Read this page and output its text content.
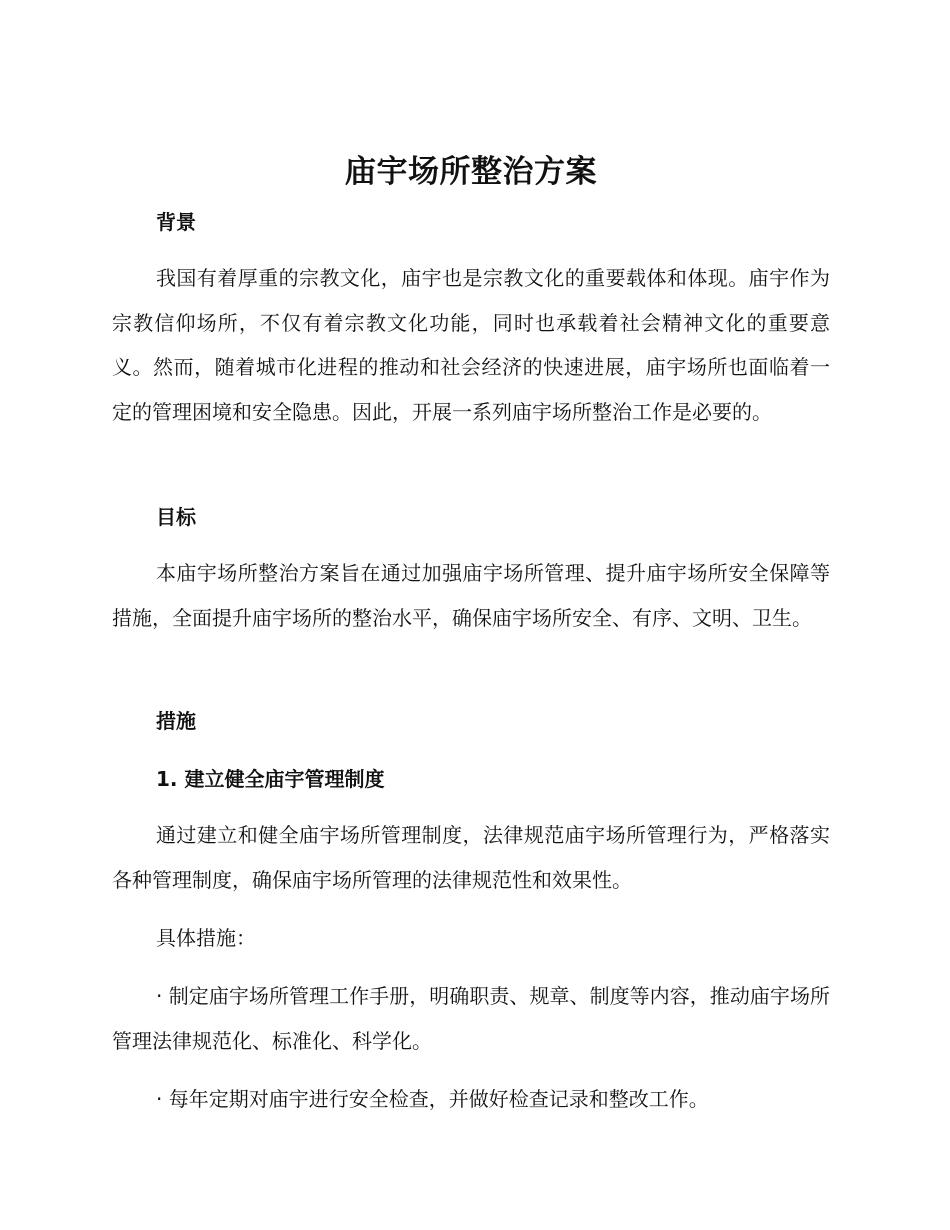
庙宇场所整治方案
背景

我国有着厚重的宗教文化，庙宇也是宗教文化的重要载体和体现。庙宇作为宗教信仰场所，不仅有着宗教文化功能，同时也承载着社会精神文化的重要意义。然而，随着城市化进程的推动和社会经济的快速进展，庙宇场所也面临着一定的管理困境和安全隐患。因此，开展一系列庙宇场所整治工作是必要的。

目标

本庙宇场所整治方案旨在通过加强庙宇场所管理、提升庙宇场所安全保障等措施，全面提升庙宇场所的整治水平，确保庙宇场所安全、有序、文明、卫生。

措施
1. 建立健全庙宇管理制度

通过建立和健全庙宇场所管理制度，法律规范庙宇场所管理行为，严格落实各种管理制度，确保庙宇场所管理的法律规范性和效果性。

具体措施：

· 制定庙宇场所管理工作手册，明确职责、规章、制度等内容，推动庙宇场所管理法律规范化、标准化、科学化。

· 每年定期对庙宇进行安全检查，并做好检查记录和整改工作。
